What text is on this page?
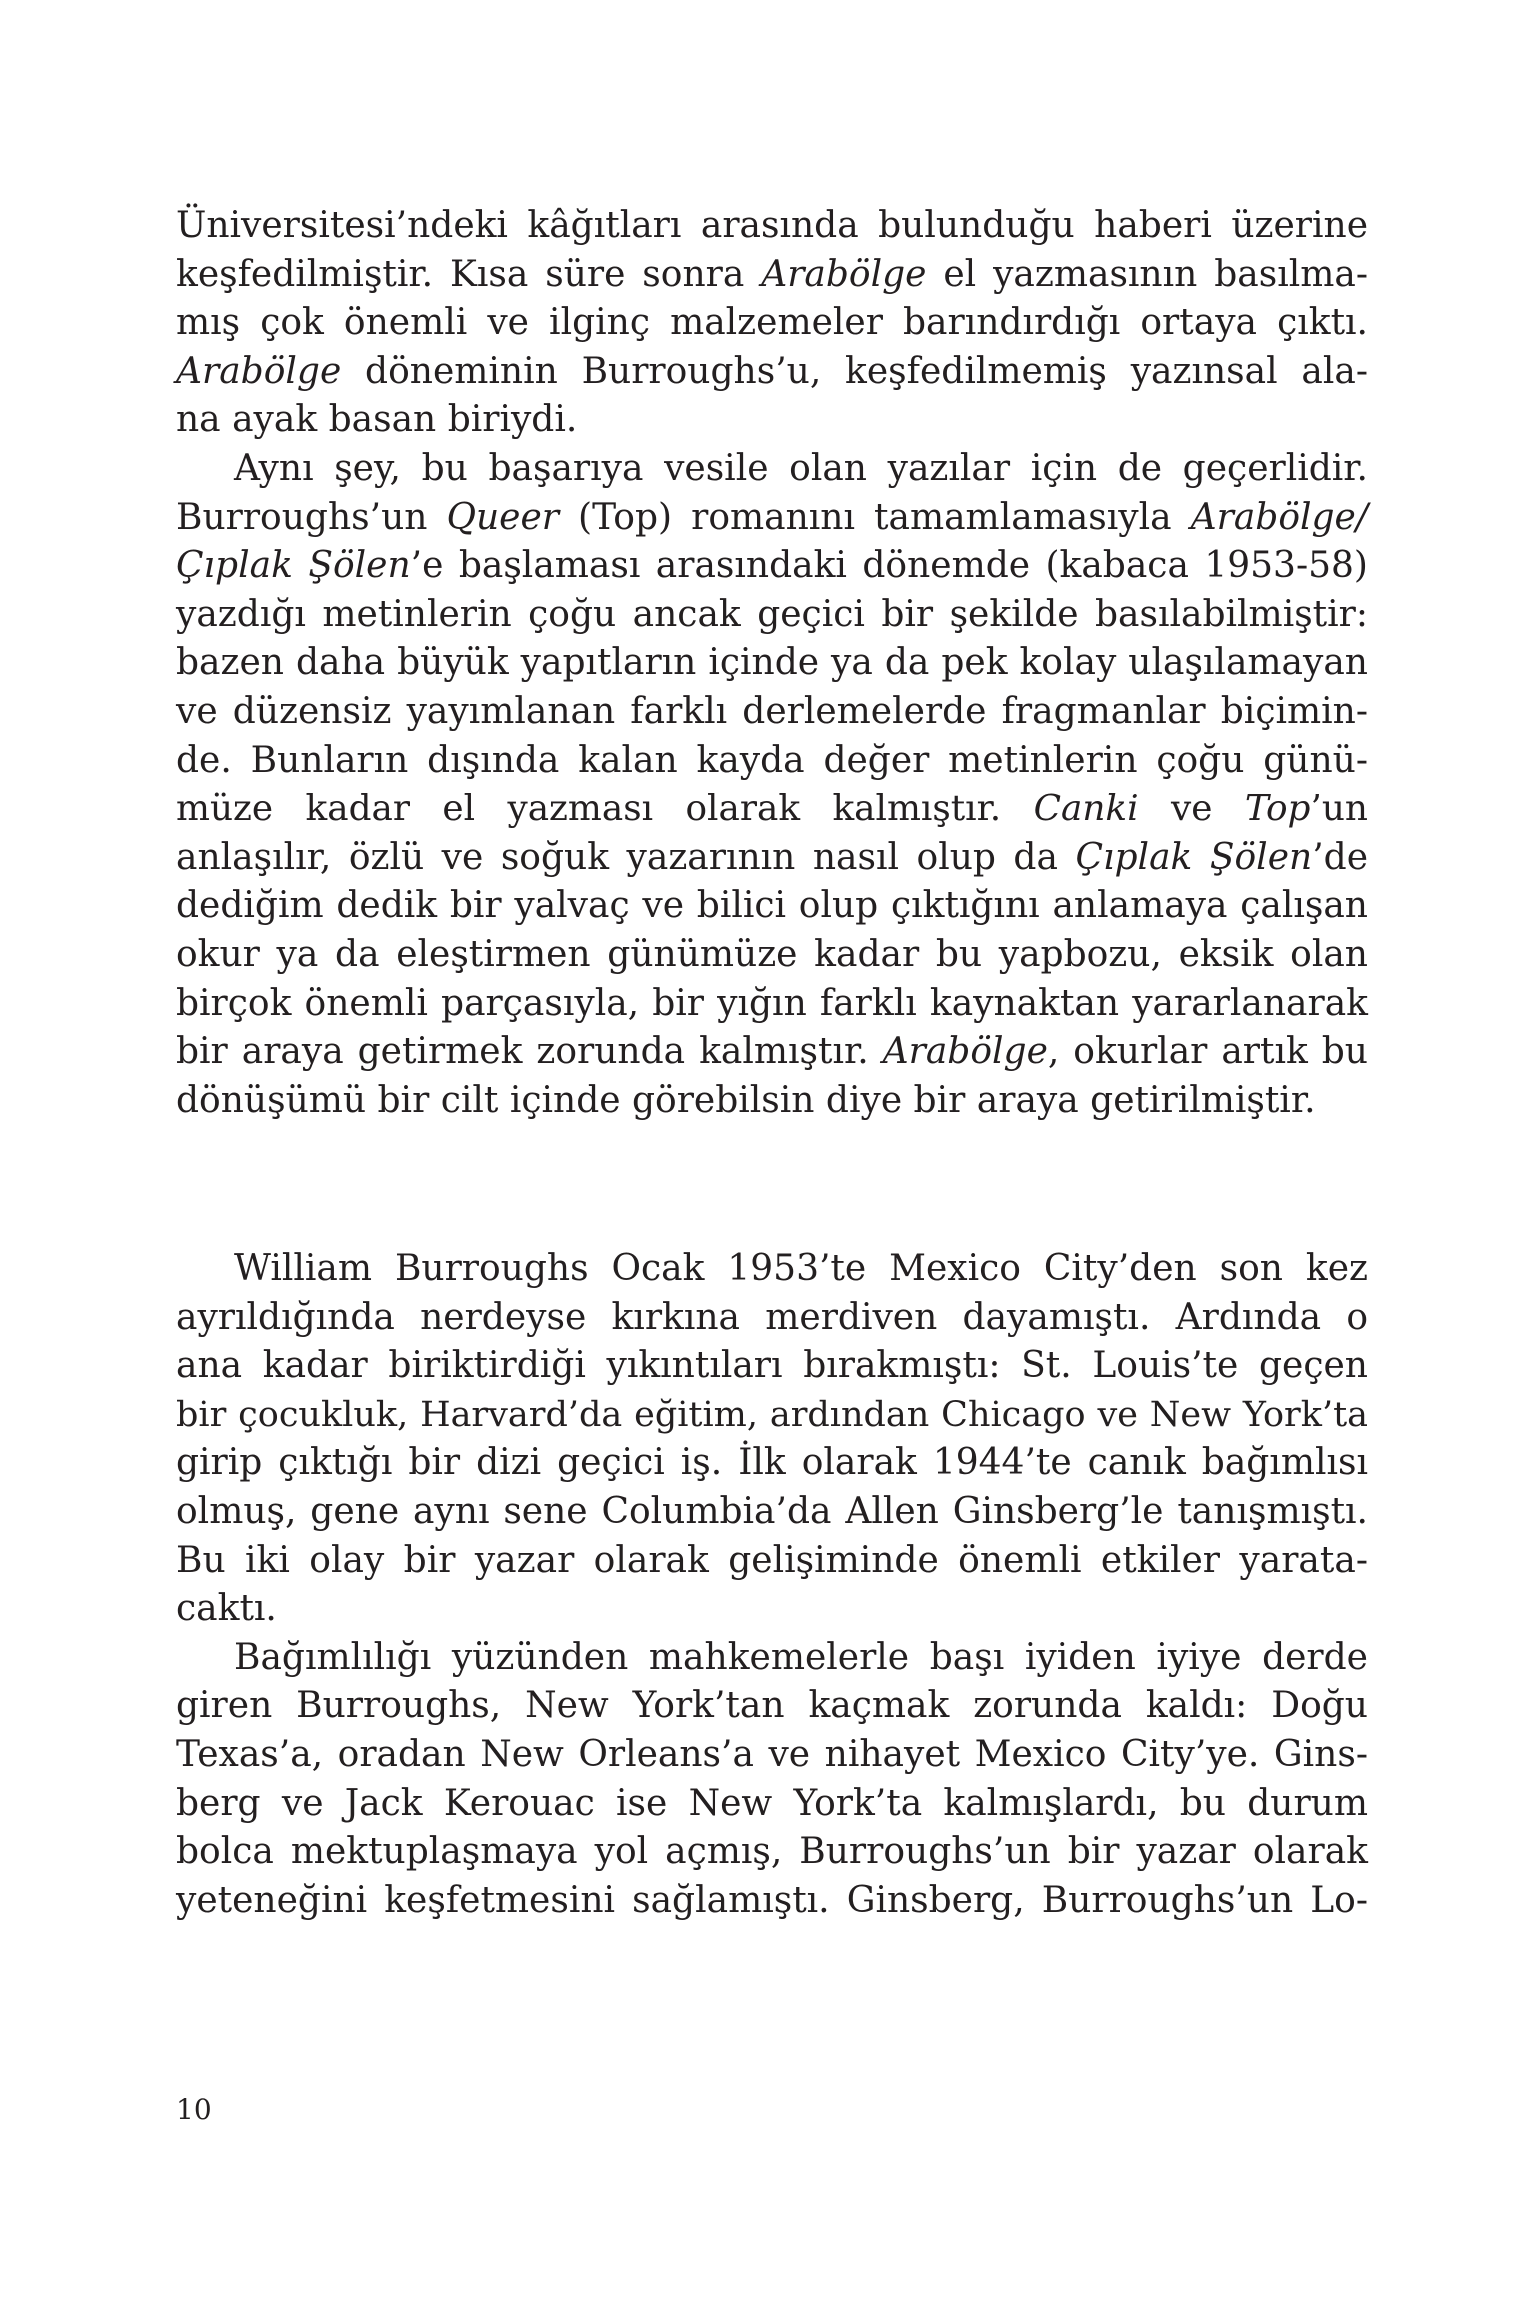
Üniversitesi’ndeki kâğıtları arasında bulunduğu haberi üzerine
keşfedilmiştir. Kısa süre sonra Arabölge el yazmasının basılma-
mış çok önemli ve ilginç malzemeler barındırdığı ortaya çıktı.
Arabölge döneminin Burroughs’u, keşfedilmemiş yazınsal ala-
na ayak basan biriydi.
Aynı şey, bu başarıya vesile olan yazılar için de geçerlidir.
Burroughs’un Queer (Top) romanını tamamlamasıyla Arabölge/
Çıplak Şölen’e başlaması arasındaki dönemde (kabaca 1953-58)
yazdığı metinlerin çoğu ancak geçici bir şekilde basılabilmiştir:
bazen daha büyük yapıtların içinde ya da pek kolay ulaşılamayan
ve düzensiz yayımlanan farklı derlemelerde fragmanlar biçimin-
de. Bunların dışında kalan kayda değer metinlerin çoğu günü-
müze kadar el yazması olarak kalmıştır. Canki ve Top’un
anlaşılır, özlü ve soğuk yazarının nasıl olup da Çıplak Şölen’de
dediğim dedik bir yalvaç ve bilici olup çıktığını anlamaya çalışan
okur ya da eleştirmen günümüze kadar bu yapbozu, eksik olan
birçok önemli parçasıyla, bir yığın farklı kaynaktan yararlanarak
bir araya getirmek zorunda kalmıştır. Arabölge, okurlar artık bu
dönüşümü bir cilt içinde görebilsin diye bir araya getirilmiştir.
William Burroughs Ocak 1953’te Mexico City’den son kez
ayrıldığında nerdeyse kırkına merdiven dayamıştı. Ardında o
ana kadar biriktirdiği yıkıntıları bırakmıştı: St. Louis’te geçen
bir çocukluk, Harvard’da eğitim, ardından Chicago ve New York’ta
girip çıktığı bir dizi geçici iş. İlk olarak 1944’te canık bağımlısı
olmuş, gene aynı sene Columbia’da Allen Ginsberg’le tanışmıştı.
Bu iki olay bir yazar olarak gelişiminde önemli etkiler yarata-
caktı.
Bağımlılığı yüzünden mahkemelerle başı iyiden iyiye derde
giren Burroughs, New York’tan kaçmak zorunda kaldı: Doğu
Texas’a, oradan New Orleans’a ve nihayet Mexico City’ye. Gins-
berg ve Jack Kerouac ise New York’ta kalmışlardı, bu durum
bolca mektuplaşmaya yol açmış, Burroughs’un bir yazar olarak
yeteneğini keşfetmesini sağlamıştı. Ginsberg, Burroughs’un Lo-
10
